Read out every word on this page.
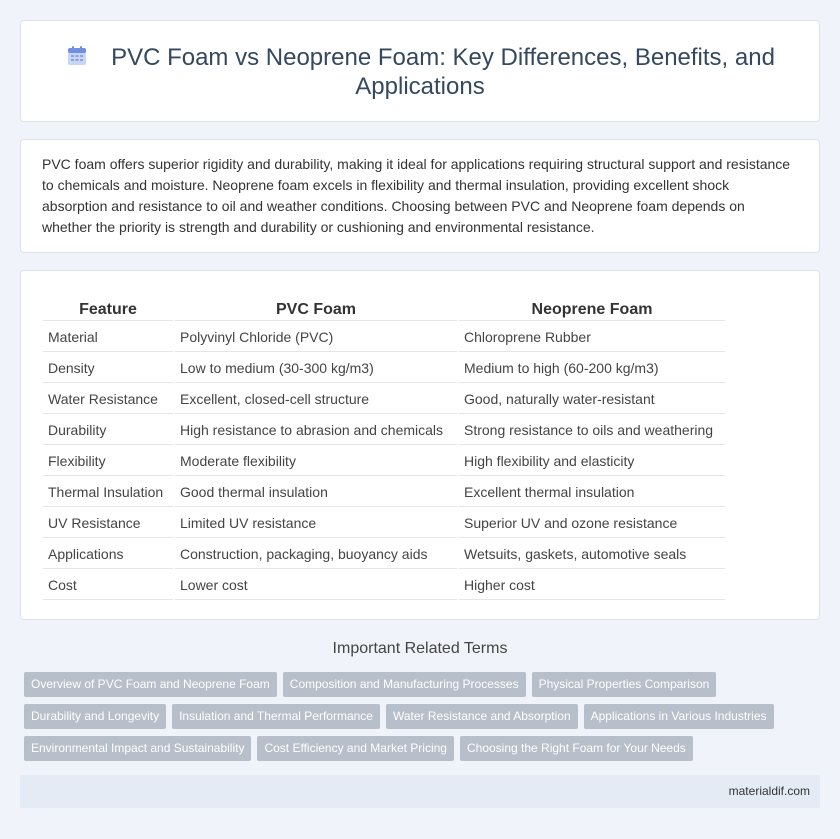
PVC Foam vs Neoprene Foam: Key Differences, Benefits, and Applications

PVC foam offers superior rigidity and durability, making it ideal for applications requiring structural support and resistance to chemicals and moisture. Neoprene foam excels in flexibility and thermal insulation, providing excellent shock absorption and resistance to oil and weather conditions. Choosing between PVC and Neoprene foam depends on whether the priority is strength and durability or cushioning and environmental resistance.

Feature	PVC Foam	Neoprene Foam
Material	Polyvinyl Chloride (PVC)	Chloroprene Rubber
Density	Low to medium (30-300 kg/m3)	Medium to high (60-200 kg/m3)
Water Resistance	Excellent, closed-cell structure	Good, naturally water-resistant
Durability	High resistance to abrasion and chemicals	Strong resistance to oils and weathering
Flexibility	Moderate flexibility	High flexibility and elasticity
Thermal Insulation	Good thermal insulation	Excellent thermal insulation
UV Resistance	Limited UV resistance	Superior UV and ozone resistance
Applications	Construction, packaging, buoyancy aids	Wetsuits, gaskets, automotive seals
Cost	Lower cost	Higher cost
Important Related Terms
Overview of PVC Foam and Neoprene Foam	Composition and Manufacturing Processes	Physical Properties Comparison
Durability and Longevity	Insulation and Thermal Performance	Water Resistance and Absorption	Applications in Various Industries
Environmental Impact and Sustainability	Cost Efficiency and Market Pricing	Choosing the Right Foam for Your Needs
materialdif.com
